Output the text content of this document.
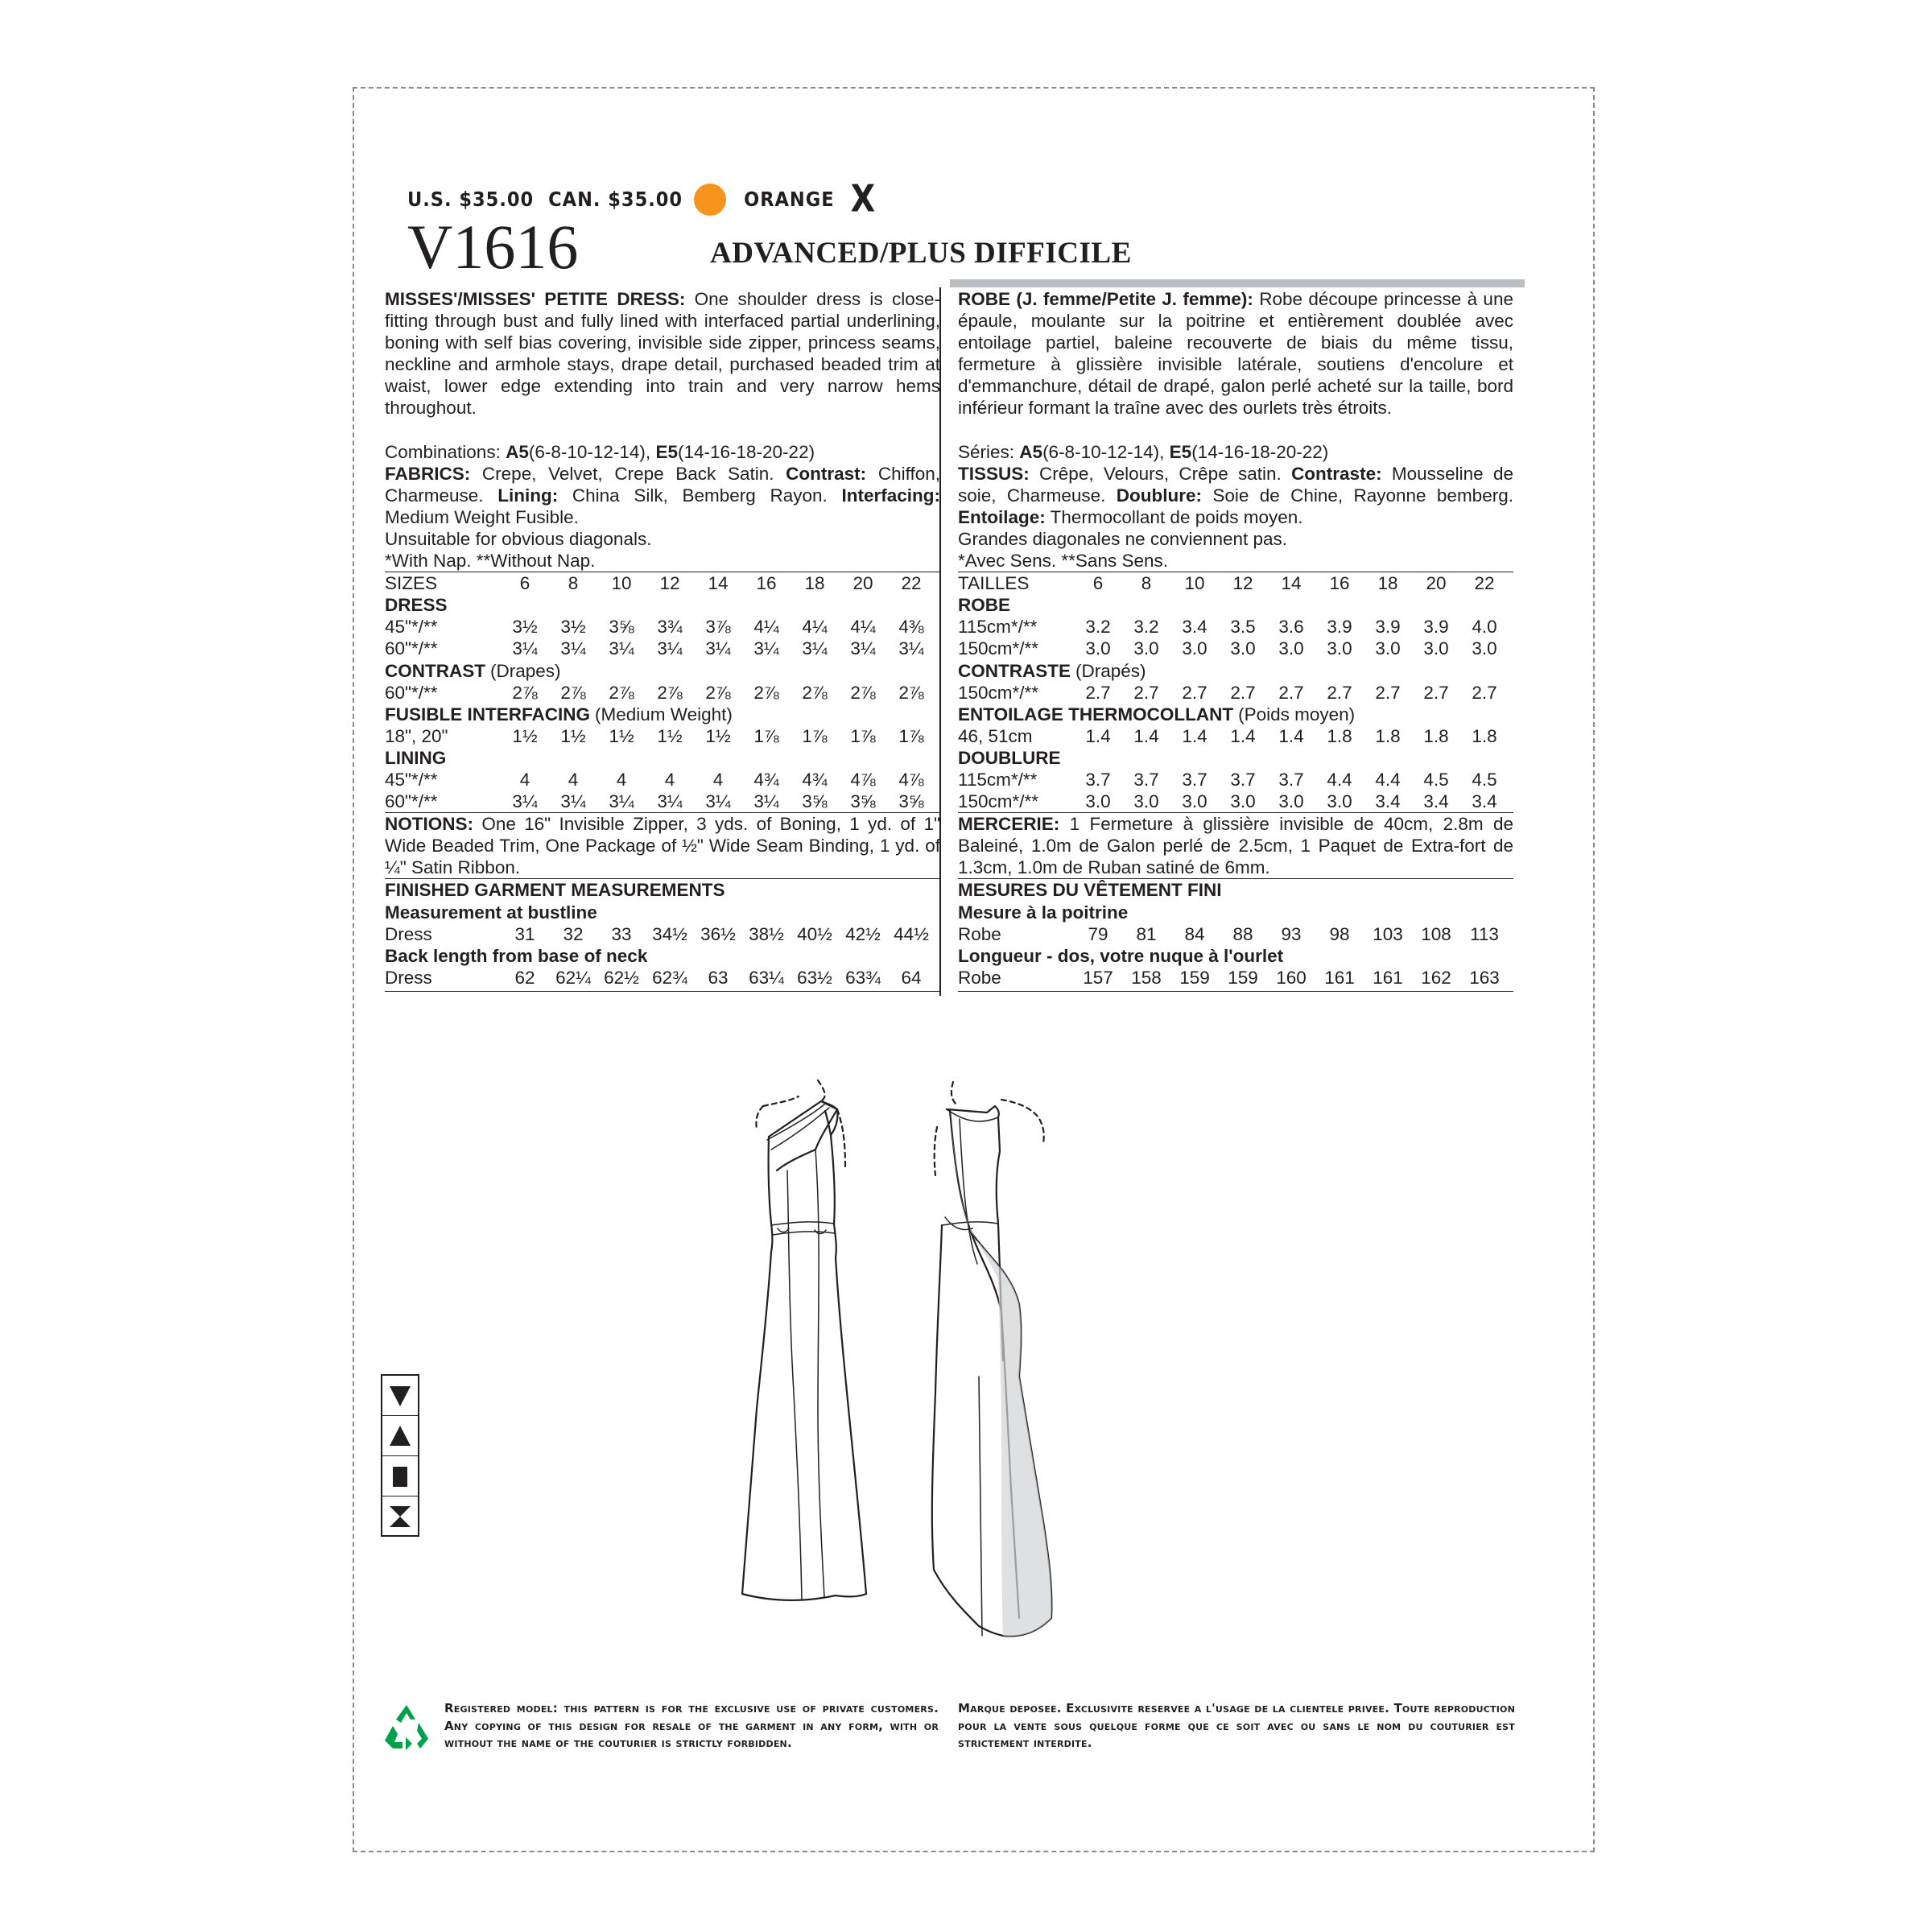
U.S. $35.00 CAN. $35.00	ORANGE X
V1616	ADVANCED/PLUS DIFFICILE

MISSES'/MISSES' PETITE DRESS: One shoulder dress is close-fitting through bust and fully lined with interfaced partial underlining, boning with self bias covering, invisible side zipper, princess seams, neckline and armhole stays, drape detail, purchased beaded trim at waist, lower edge extending into train and very narrow hems throughout.

Combinations: A5(6-8-10-12-14), E5(14-16-18-20-22)

FABRICS: Crepe, Velvet, Crepe Back Satin. Contrast: Chiffon, Charmeuse. Lining: China Silk, Bemberg Rayon. Interfacing: Medium Weight Fusible.

Unsuitable for obvious diagonals.
*With Nap. **Without Nap.
SIZES	6	8	10	12	14	16	18	20	22
DRESS
45"*/**	3½	3½	3⅝	3¾	3⅞	4¼	4¼	4¼	4⅜
60"*/**	3¼	3¼	3¼	3¼	3¼	3¼	3¼	3¼	3¼
CONTRAST (Drapes)
60"*/**	2⅞	2⅞	2⅞	2⅞	2⅞	2⅞	2⅞	2⅞	2⅞
FUSIBLE INTERFACING (Medium Weight)
18", 20"	1½	1½	1½	1½	1½	1⅞	1⅞	1⅞	1⅞
LINING
45"*/**	4	4	4	4	4	4¾	4¾	4⅞	4⅞
60"*/**	3¼	3¼	3¼	3¼	3¼	3¼	3⅝	3⅝	3⅝

NOTIONS: One 16" Invisible Zipper, 3 yds. of Boning, 1 yd. of 1" Wide Beaded Trim, One Package of ½" Wide Seam Binding, 1 yd. of ¼" Satin Ribbon.

FINISHED GARMENT MEASUREMENTS
Measurement at bustline
Dress	31	32	33	34½ 36½ 38½ 40½ 42½ 44½
Back length from base of neck
Dress	62	62¼ 62½ 62¾	63	63¼ 63½ 63¾	64

ROBE (J. femme/Petite J. femme): Robe découpe princesse à une épaule, moulante sur la poitrine et entièrement doublée avec entoilage partiel, baleine recouverte de biais du même tissu, fermeture à glissière invisible latérale, soutiens d'encolure et d'emmanchure, détail de drapé, galon perlé acheté sur la taille, bord inférieur formant la traîne avec des ourlets très étroits.

Séries: A5(6-8-10-12-14), E5(14-16-18-20-22)

TISSUS: Crêpe, Velours, Crêpe satin. Contraste: Mousseline de soie, Charmeuse. Doublure: Soie de Chine, Rayonne bemberg. Entoilage: Thermocollant de poids moyen.

Grandes diagonales ne conviennent pas.
*Avec Sens. **Sans Sens.
TAILLES	6	8	10	12	14	16	18	20	22
ROBE
115cm*/**	3.2	3.2	3.4	3.5	3.6	3.9	3.9	3.9	4.0
150cm*/**	3.0	3.0	3.0	3.0	3.0	3.0	3.0	3.0	3.0
CONTRASTE (Drapés)
150cm*/**	2.7	2.7	2.7	2.7	2.7	2.7	2.7	2.7	2.7
ENTOILAGE THERMOCOLLANT (Poids moyen)
46, 51cm	1.4	1.4	1.4	1.4	1.4	1.8	1.8	1.8	1.8
DOUBLURE
115cm*/**	3.7	3.7	3.7	3.7	3.7	4.4	4.4	4.5	4.5
150cm*/**	3.0	3.0	3.0	3.0	3.0	3.0	3.4	3.4	3.4

MERCERIE: 1 Fermeture à glissière invisible de 40cm, 2.8m de Baleiné, 1.0m de Galon perlé de 2.5cm, 1 Paquet de Extra-fort de 1.3cm, 1.0m de Ruban satiné de 6mm.

MESURES DU VÊTEMENT FINI
Mesure à la poitrine
Robe	79	81	84	88	93	98	103 108	113
Longueur - dos, votre nuque à l'ourlet
Robe	157 158 159 159 160 161 161 162 163
Registered model: this pattern is for the exclusive use of private customers. Any copying of this design for resale of the garment in any form, with or without the name of the couturier is strictly forbidden.
Marque deposee. Exclusivite reservee a l'usage de la clientele privee. Toute reproduction pour la vente sous quelque forme que ce soit avec ou sans le nom du couturier est strictement interdite.
